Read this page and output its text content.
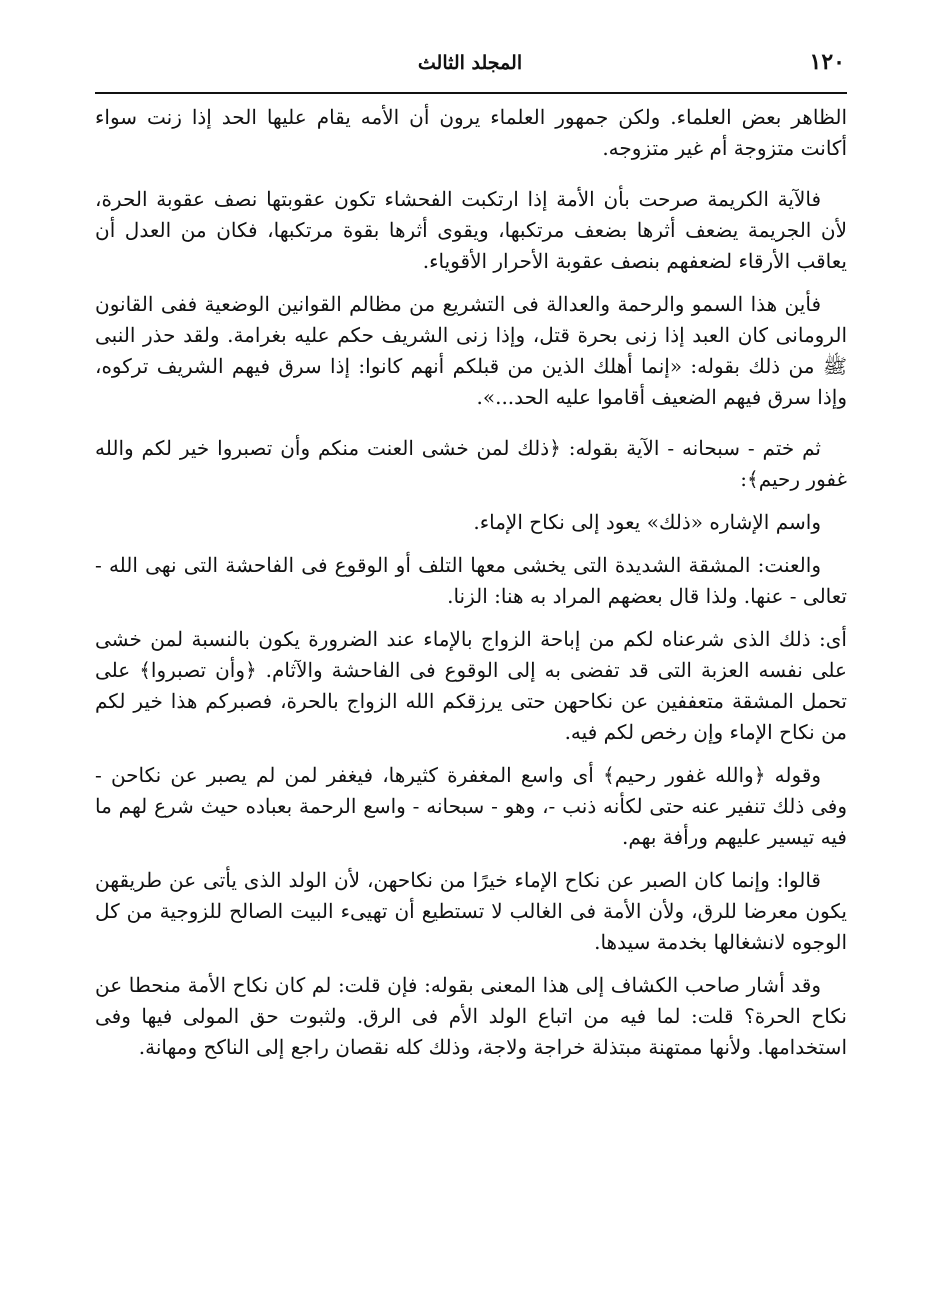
١٢٠
المجلد الثالث

الظاهر بعض العلماء. ولكن جمهور العلماء يرون أن الأمه يقام عليها الحد إذا زنت سواء أكانت متزوجة أم غير متزوجه.

فالآية الكريمة صرحت بأن الأمة إذا ارتكبت الفحشاء تكون عقوبتها نصف عقوبة الحرة، لأن الجريمة يضعف أثرها بضعف مرتكبها، ويقوى أثرها بقوة مرتكبها، فكان من العدل أن يعاقب الأرقاء لضعفهم بنصف عقوبة الأحرار الأقوياء.

فأين هذا السمو والرحمة والعدالة فى التشريع من مظالم القوانين الوضعية ففى القانون الرومانى كان العبد إذا زنى بحرة قتل، وإذا زنى الشريف حكم عليه بغرامة. ولقد حذر النبى ﷺ من ذلك بقوله: «إنما أهلك الذين من قبلكم أنهم كانوا: إذا سرق فيهم الشريف تركوه، وإذا سرق فيهم الضعيف أقاموا عليه الحد...».

ثم ختم - سبحانه - الآية بقوله: ﴿ذلك لمن خشى العنت منكم وأن تصبروا خير لكم والله غفور رحيم﴾:

واسم الإشاره «ذلك» يعود إلى نكاح الإماء.

والعنت: المشقة الشديدة التى يخشى معها التلف أو الوقوع فى الفاحشة التى نهى الله - تعالى - عنها. ولذا قال بعضهم المراد به هنا: الزنا.

أى: ذلك الذى شرعناه لكم من إباحة الزواج بالإماء عند الضرورة يكون بالنسبة لمن خشى على نفسه العزبة التى قد تفضى به إلى الوقوع فى الفاحشة والآثام. ﴿وأن تصبروا﴾ على تحمل المشقة متعففين عن نكاحهن حتى يرزقكم الله الزواج بالحرة، فصبركم هذا خير لكم من نكاح الإماء وإن رخص لكم فيه.

وقوله ﴿والله غفور رحيم﴾ أى واسع المغفرة كثيرها، فيغفر لمن لم يصبر عن نكاحن - وفى ذلك تنفير عنه حتى لكأنه ذنب -، وهو - سبحانه - واسع الرحمة بعباده حيث شرع لهم ما فيه تيسير عليهم ورأفة بهم.

قالوا: وإنما كان الصبر عن نكاح الإماء خيرًا من نكاحهن، لأن الولد الذى يأتى عن طريقهن يكون معرضا للرق، ولأن الأمة فى الغالب لا تستطيع أن تهيىء البيت الصالح للزوجية من كل الوجوه لانشغالها بخدمة سيدها.

وقد أشار صاحب الكشاف إلى هذا المعنى بقوله: فإن قلت: لم كان نكاح الأمة منحطا عن نكاح الحرة؟ قلت: لما فيه من اتباع الولد الأم فى الرق. ولثبوت حق المولى فيها وفى استخدامها. ولأنها ممتهنة مبتذلة خراجة ولاجة، وذلك كله نقصان راجع إلى الناكح ومهانة.
